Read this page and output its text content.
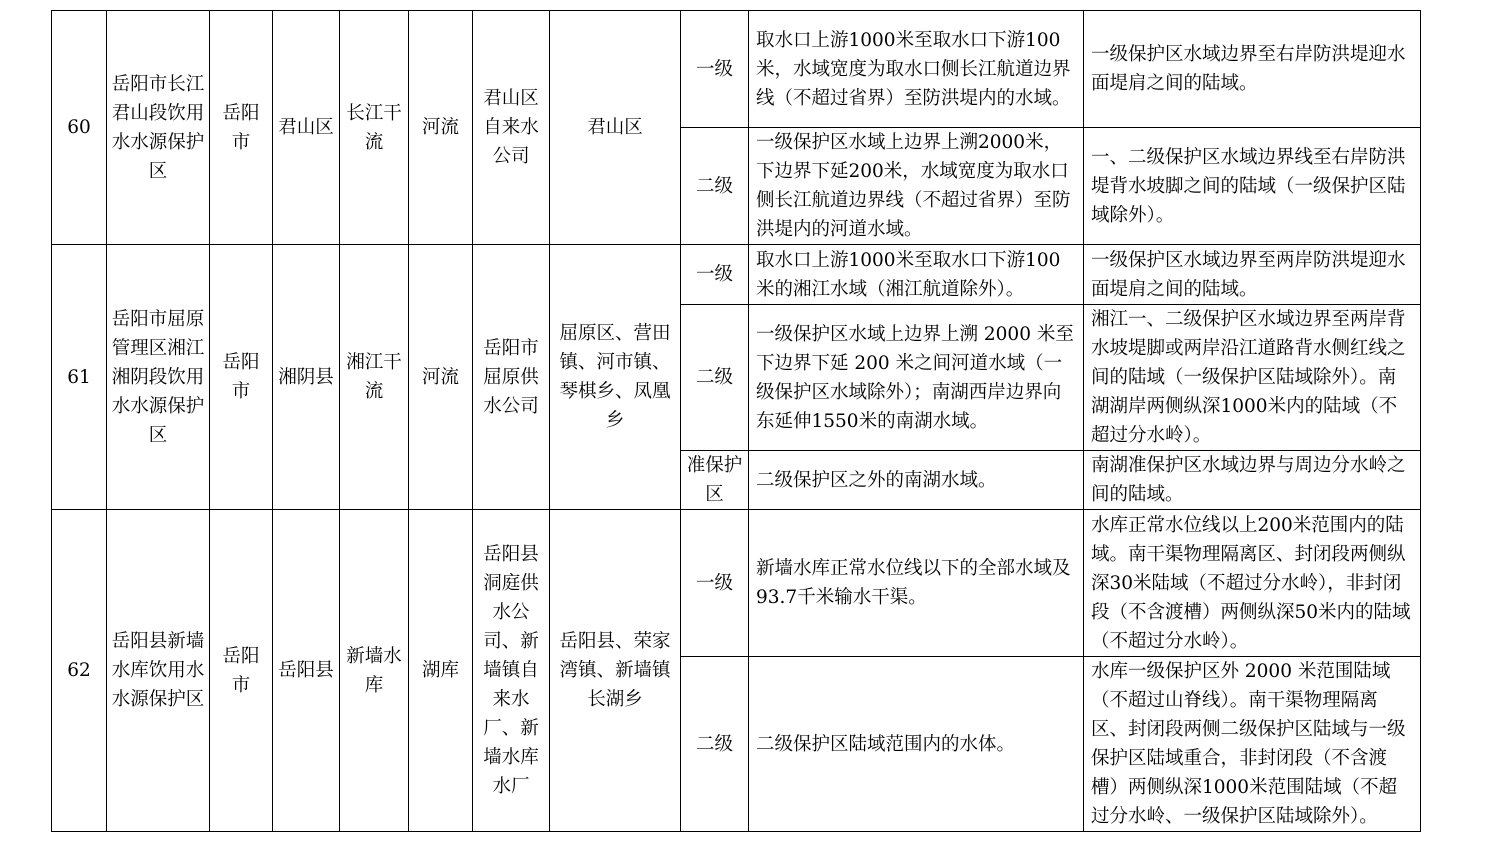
60	岳阳市长江君山段饮用水水源保护区	岳阳市	君山区	长江干流	河流	君山区自来水公司	君山区	一级	取水口上游1000米至取水口下游100米，水域宽度为取水口侧长江航道边界线（不超过省界）至防洪堤内的水域。	一级保护区水域边界至右岸防洪堤迎水面堤肩之间的陆域。
								二级	一级保护区水域上边界上溯2000米，下边界下延200米，水域宽度为取水口侧长江航道边界线（不超过省界）至防洪堤内的河道水域。	一、二级保护区水域边界线至右岸防洪堤背水坡脚之间的陆域（一级保护区陆域除外）。
61	岳阳市屈原管理区湘江湘阴段饮用水水源保护区	岳阳市	湘阴县	湘江干流	河流	岳阳市屈原供水公司	屈原区、营田镇、河市镇、琴棋乡、凤凰乡	一级	取水口上游1000米至取水口下游100米的湘江水域（湘江航道除外）。	一级保护区水域边界至两岸防洪堤迎水面堤肩之间的陆域。
								二级	一级保护区水域上边界上溯 2000 米至下边界下延 200 米之间河道水域（一级保护区水域除外）；南湖西岸边界向东延伸1550米的南湖水域。	湘江一、二级保护区水域边界至两岸背水坡堤脚或两岸沿江道路背水侧红线之间的陆域（一级保护区陆域除外）。南湖湖岸两侧纵深1000米内的陆域（不超过分水岭）。
								准保护区	二级保护区之外的南湖水域。	南湖准保护区水域边界与周边分水岭之间的陆域。
62	岳阳县新墙水库饮用水水源保护区	岳阳市	岳阳县	新墙水库	湖库	岳阳县洞庭供水公司、新墙镇自来水厂、新墙水库水厂	岳阳县、荣家湾镇、新墙镇长湖乡	一级	新墙水库正常水位线以下的全部水域及93.7千米输水干渠。	水库正常水位线以上200米范围内的陆域。南干渠物理隔离区、封闭段两侧纵深30米陆域（不超过分水岭），非封闭段（不含渡槽）两侧纵深50米内的陆域（不超过分水岭）。
								二级	二级保护区陆域范围内的水体。	水库一级保护区外 2000 米范围陆域（不超过山脊线）。南干渠物理隔离区、封闭段两侧二级保护区陆域与一级保护区陆域重合，非封闭段（不含渡槽）两侧纵深1000米范围陆域（不超过分水岭、一级保护区陆域除外）。
